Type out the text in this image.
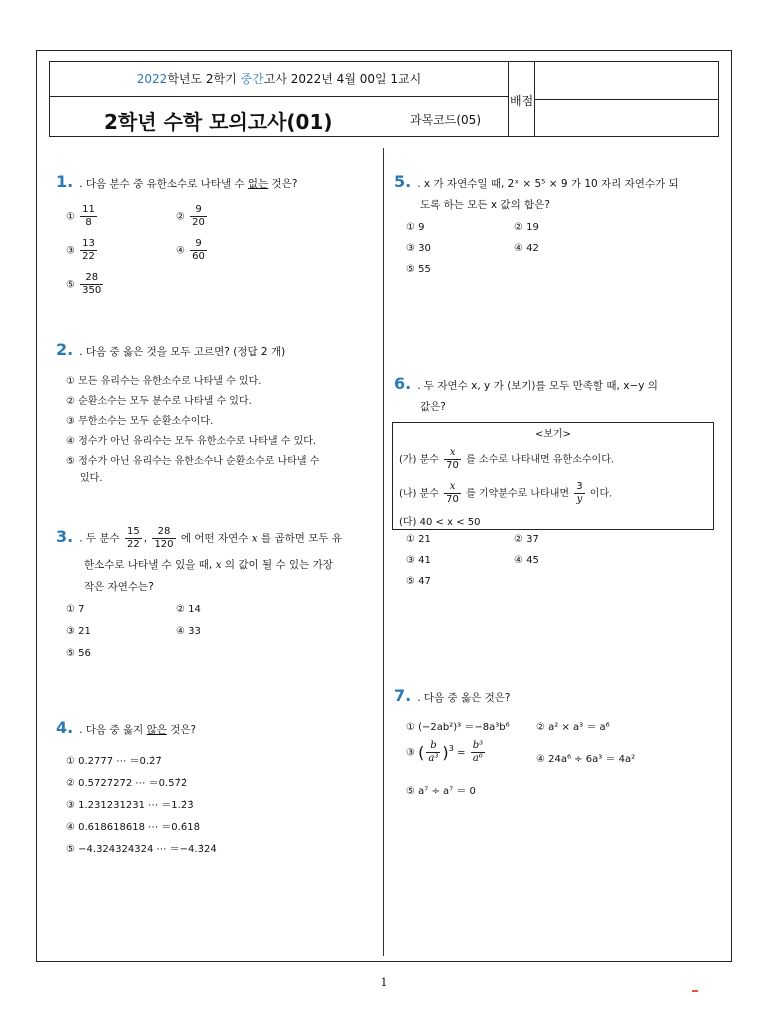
2022학년도 2학기 중간고사 2022년 4월 00일 1교시
2학년 수학 모의고사(01)	과목코드(05)
배점
1. . 다음 분수 중 유한소수로 나타낼 수 없는 것은?
① $\frac{11}{8}$	② $\frac{9}{20}$
③ $\frac{13}{22}$	④ $\frac{9}{60}$
⑤ $\frac{28}{350}$
2. . 다음 중 옳은 것을 모두 고르면? (정답 2 개)
① 모든 유리수는 유한소수로 나타낼 수 있다.
② 순환소수는 모두 분수로 나타낼 수 있다.
③ 무한소수는 모두 순환소수이다.
④ 정수가 아닌 유리수는 모두 유한소수로 나타낼 수 있다.
⑤ 정수가 아닌 유리수는 유한소수나 순환소수로 나타낼 수
있다.
3. . 두 분수 $\frac{15}{22}$ , $\frac{28}{120}$ 에 어떤 자연수 x 를 곱하면 모두 유
한소수로 나타낼 수 있을 때, x 의 값이 될 수 있는 가장
작은 자연수는?
① 7	② 14
③ 21	④ 33
⑤ 56
4. . 다음 중 옳지 않은 것은?
① 0.2777 ⋯ ＝0.2̇7̇
② 0.5727272 ⋯ ＝0.57̇2̇
③ 1.231231231 ⋯ ＝1.2̇3̇
④ 0.618618618 ⋯ ＝0.6̇18̇
⑤ −4.324324324 ⋯ ＝−4.3̇24̇
5. . x 가 자연수일 때, 2ˣ × 5⁵ × 9 가 10 자리 자연수가 되
도록 하는 모든 x 값의 합은?
① 9	② 19
③ 30	④ 42
⑤ 55
6. . 두 자연수 x, y 가 ⟨보기⟩를 모두 만족할 때, x−y 의
값은?
<보기>
(가) 분수 $\frac{x}{70}$ 를 소수로 나타내면 유한소수이다.
(나) 분수 $\frac{x}{70}$ 를 기약분수로 나타내면 $\frac{3}{y}$ 이다.
(다) 40 < x < 50
① 21	② 37
③ 41	④ 45
⑤ 47
7. . 다음 중 옳은 것은?
① (−2ab²)³ ＝−8a³b⁶	② a² × a³ ＝ a⁶
③ ( $\frac{b}{\text{a³}} )^3 = \frac{\text{b³}}{\text{a⁶}}$	④ 24a⁶ ÷ 6a³ ＝ 4a²
⑤ a⁷ ÷ a⁷ ＝ 0
1
